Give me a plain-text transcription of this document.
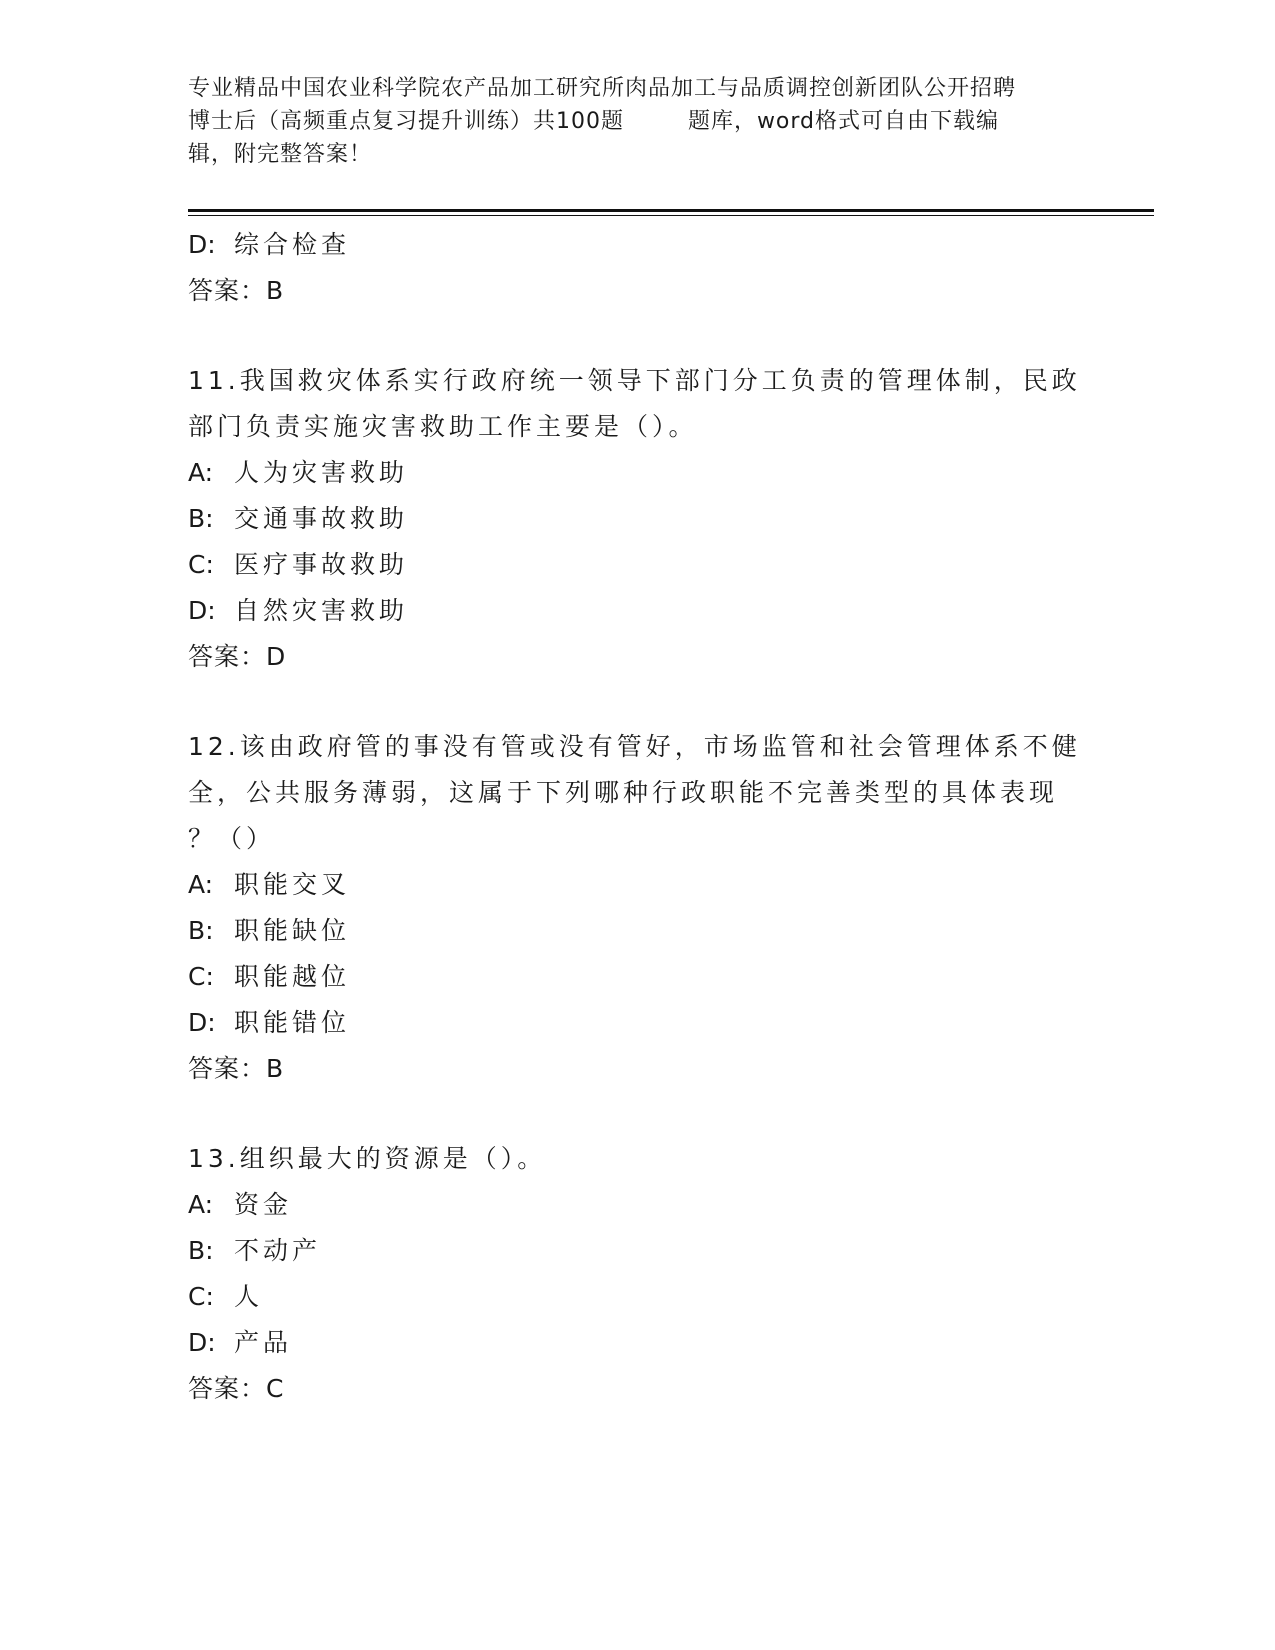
专业精品中国农业科学院农产品加工研究所肉品加工与品质调控创新团队公开招聘
博士后（高频重点复习提升训练）共100题        题库，word格式可自由下载编
辑，附完整答案！
D: 综合检查
答案：B
11.我国救灾体系实行政府统一领导下部门分工负责的管理体制，民政
部门负责实施灾害救助工作主要是（）。
A: 人为灾害救助
B: 交通事故救助
C: 医疗事故救助
D: 自然灾害救助
答案：D
12.该由政府管的事没有管或没有管好，市场监管和社会管理体系不健
全，公共服务薄弱，这属于下列哪种行政职能不完善类型的具体表现
？（）
A: 职能交叉
B: 职能缺位
C: 职能越位
D: 职能错位
答案：B
13.组织最大的资源是（）。
A: 资金
B: 不动产
C: 人
D: 产品
答案：C
